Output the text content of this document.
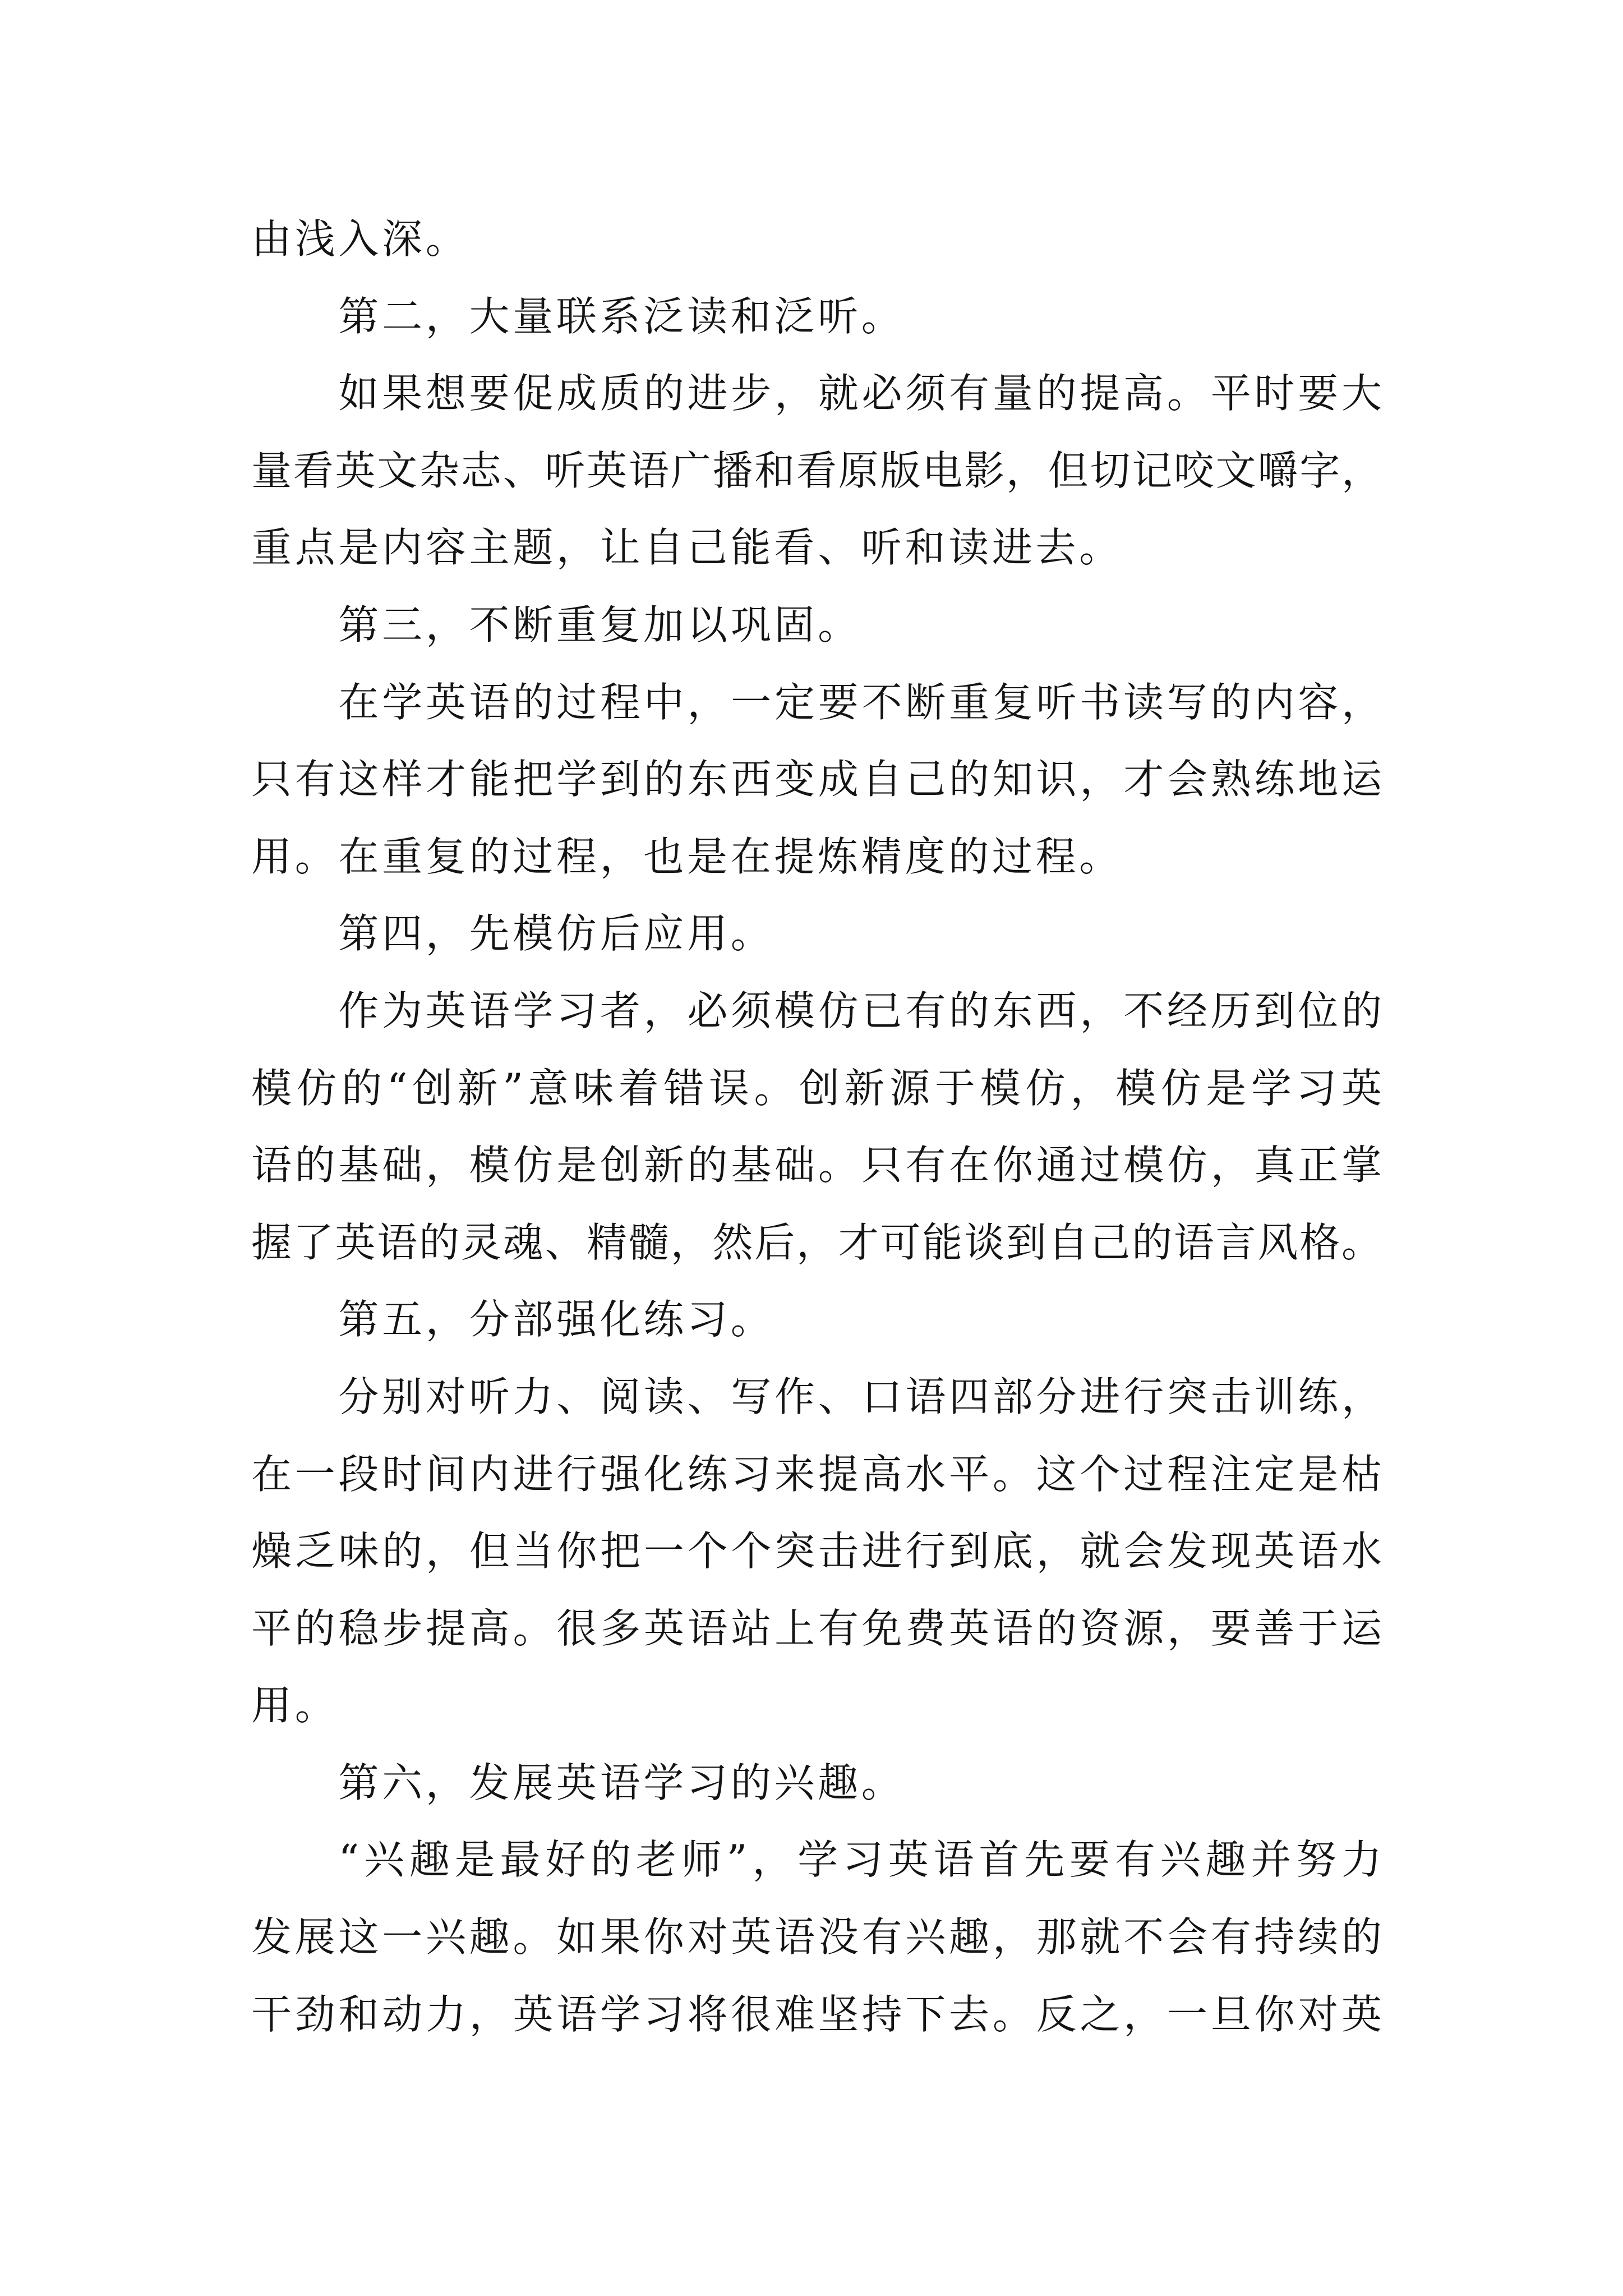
由浅入深。
第二，大量联系泛读和泛听。
如果想要促成质的进步，就必须有量的提高。平时要大
量看英文杂志、听英语广播和看原版电影，但切记咬文嚼字，
重点是内容主题，让自己能看、听和读进去。
第三，不断重复加以巩固。
在学英语的过程中，一定要不断重复听书读写的内容，
只有这样才能把学到的东西变成自己的知识，才会熟练地运
用。在重复的过程，也是在提炼精度的过程。
第四，先模仿后应用。
作为英语学习者，必须模仿已有的东西，不经历到位的
模仿的“创新”意味着错误。创新源于模仿，模仿是学习英
语的基础，模仿是创新的基础。只有在你通过模仿，真正掌
握了英语的灵魂、精髓，然后，才可能谈到自己的语言风格。
第五，分部强化练习。
分别对听力、阅读、写作、口语四部分进行突击训练，
在一段时间内进行强化练习来提高水平。这个过程注定是枯
燥乏味的，但当你把一个个突击进行到底，就会发现英语水
平的稳步提高。很多英语站上有免费英语的资源，要善于运
用。
第六，发展英语学习的兴趣。
“兴趣是最好的老师”，学习英语首先要有兴趣并努力
发展这一兴趣。如果你对英语没有兴趣，那就不会有持续的
干劲和动力，英语学习将很难坚持下去。反之，一旦你对英
